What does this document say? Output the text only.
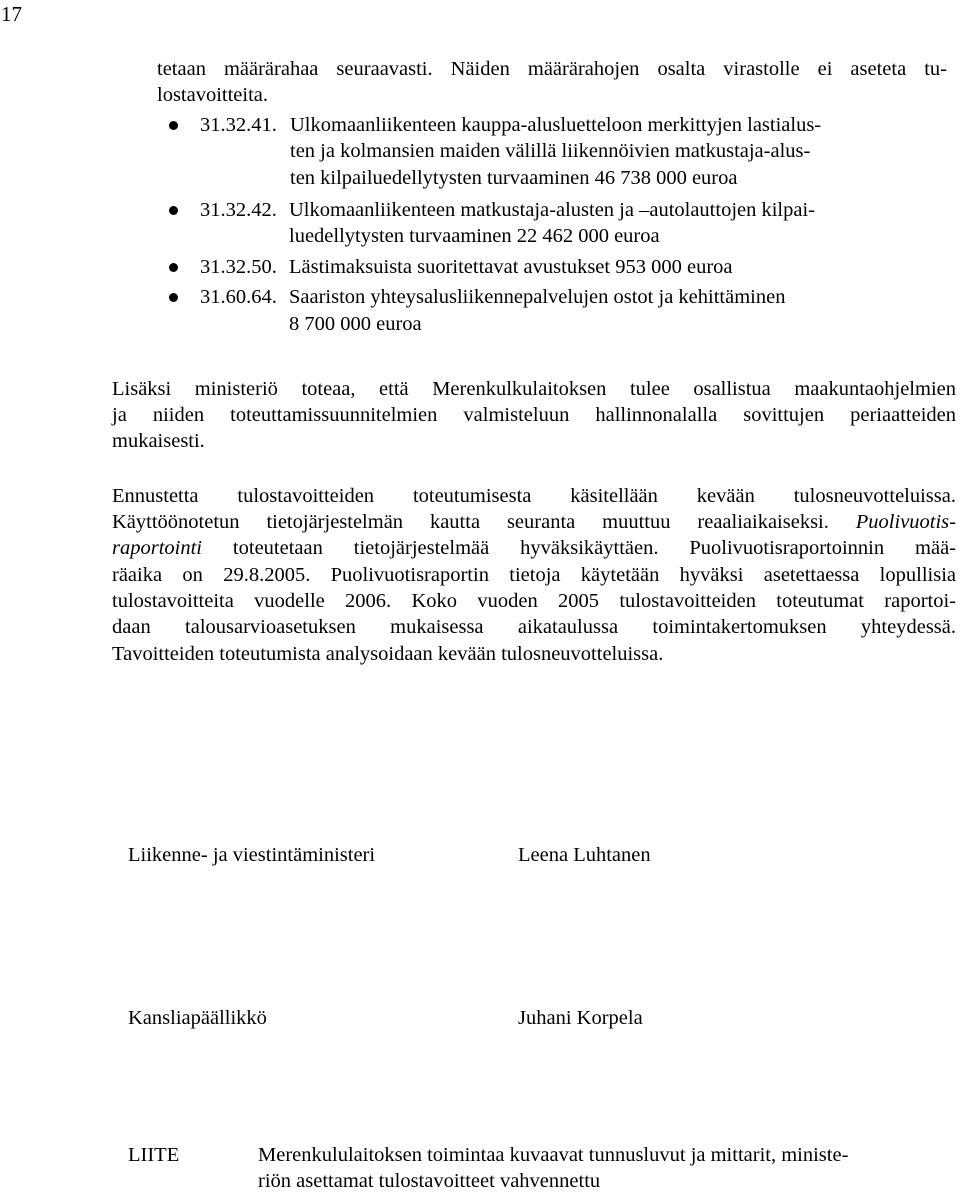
17
tetaan määrärahaa seuraavasti. Näiden määrärahojen osalta virastolle ei aseteta tu-
lostavoitteita.
31.32.41. Ulkomaanliikenteen kauppa-alusluetteloon merkittyjen lastialus-
ten ja kolmansien maiden välillä liikennöivien matkustaja-alus-
ten kilpailuedellytysten turvaaminen 46 738 000 euroa
31.32.42. Ulkomaanliikenteen matkustaja-alusten ja –autolauttojen kilpai-
luedellytysten turvaaminen 22 462 000 euroa
31.32.50. Lästimaksuista suoritettavat avustukset 953 000 euroa
31.60.64. Saariston yhteysalusliikennepalvelujen ostot ja kehittäminen
8 700 000 euroa
Lisäksi ministeriö toteaa, että Merenkulkulaitoksen tulee osallistua maakuntaohjelmien
ja niiden toteuttamissuunnitelmien valmisteluun hallinnonalalla sovittujen periaatteiden
mukaisesti.
Ennustetta tulostavoitteiden toteutumisesta käsitellään kevään tulosneuvotteluissa.
Käyttöönotetun tietojärjestelmän kautta seuranta muuttuu reaaliaikaiseksi. Puolivuotis-
raportointi toteutetaan tietojärjestelmää hyväksikäyttäen. Puolivuotisraportoinnin mää-
räaika on 29.8.2005. Puolivuotisraportin tietoja käytetään hyväksi asetettaessa lopullisia
tulostavoitteita vuodelle 2006. Koko vuoden 2005 tulostavoitteiden toteutumat raportoi-
daan talousarvioasetuksen mukaisessa aikataulussa toimintakertomuksen yhteydessä.
Tavoitteiden toteutumista analysoidaan kevään tulosneuvotteluissa.
Liikenne- ja viestintäministeri	Leena Luhtanen
Kansliapäällikkö	Juhani Korpela
LIITE	Merenkululaitoksen toimintaa kuvaavat tunnusluvut ja mittarit, ministe-
riön asettamat tulostavoitteet vahvennettu
